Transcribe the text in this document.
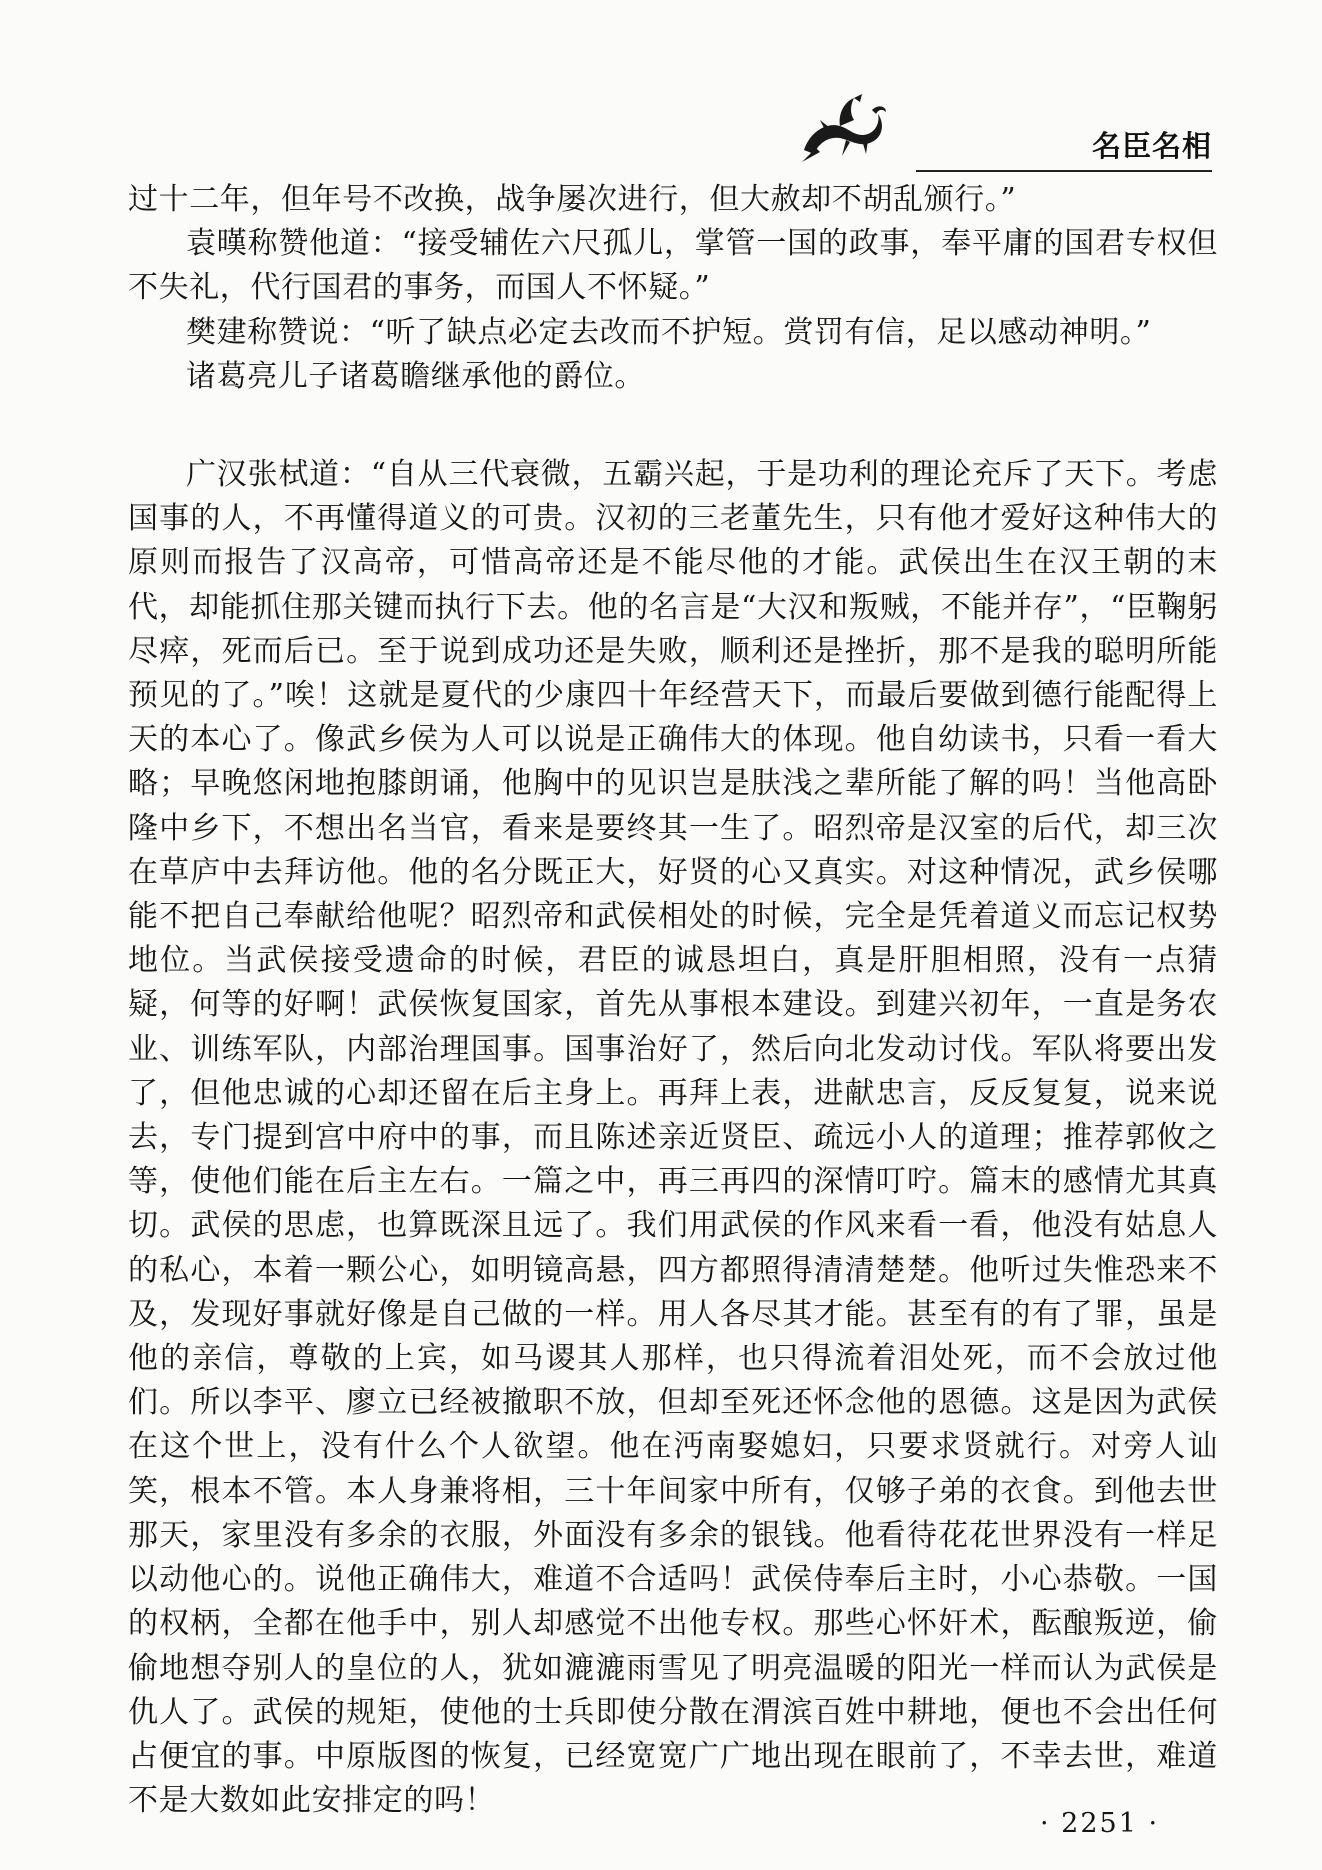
名臣名相

过十二年，但年号不改换，战争屡次进行，但大赦却不胡乱颁行。”

袁暵称赞他道：“接受辅佐六尺孤儿，掌管一国的政事，奉平庸的国君专权但不失礼，代行国君的事务，而国人不怀疑。”

樊建称赞说：“听了缺点必定去改而不护短。赏罚有信，足以感动神明。”

诸葛亮儿子诸葛瞻继承他的爵位。

广汉张栻道：“自从三代衰微，五霸兴起，于是功利的理论充斥了天下。考虑国事的人，不再懂得道义的可贵。汉初的三老董先生，只有他才爱好这种伟大的原则而报告了汉高帝，可惜高帝还是不能尽他的才能。武侯出生在汉王朝的末代，却能抓住那关键而执行下去。他的名言是“大汉和叛贼，不能并存”，“臣鞠躬尽瘁，死而后已。至于说到成功还是失败，顺利还是挫折，那不是我的聪明所能预见的了。”唉！这就是夏代的少康四十年经营天下，而最后要做到德行能配得上天的本心了。像武乡侯为人可以说是正确伟大的体现。他自幼读书，只看一看大略；早晚悠闲地抱膝朗诵，他胸中的见识岂是肤浅之辈所能了解的吗！当他高卧隆中乡下，不想出名当官，看来是要终其一生了。昭烈帝是汉室的后代，却三次在草庐中去拜访他。他的名分既正大，好贤的心又真实。对这种情况，武乡侯哪能不把自己奉献给他呢？昭烈帝和武侯相处的时候，完全是凭着道义而忘记权势地位。当武侯接受遗命的时候，君臣的诚恳坦白，真是肝胆相照，没有一点猜疑，何等的好啊！武侯恢复国家，首先从事根本建设。到建兴初年，一直是务农业、训练军队，内部治理国事。国事治好了，然后向北发动讨伐。军队将要出发了，但他忠诚的心却还留在后主身上。再拜上表，进献忠言，反反复复，说来说去，专门提到宫中府中的事，而且陈述亲近贤臣、疏远小人的道理；推荐郭攸之等，使他们能在后主左右。一篇之中，再三再四的深情叮咛。篇末的感情尤其真切。武侯的思虑，也算既深且远了。我们用武侯的作风来看一看，他没有姑息人的私心，本着一颗公心，如明镜高悬，四方都照得清清楚楚。他听过失惟恐来不及，发现好事就好像是自己做的一样。用人各尽其才能。甚至有的有了罪，虽是他的亲信，尊敬的上宾，如马谡其人那样，也只得流着泪处死，而不会放过他们。所以李平、廖立已经被撤职不放，但却至死还怀念他的恩德。这是因为武侯在这个世上，没有什么个人欲望。他在沔南娶媳妇，只要求贤就行。对旁人讪笑，根本不管。本人身兼将相，三十年间家中所有，仅够子弟的衣食。到他去世那天，家里没有多余的衣服，外面没有多余的银钱。他看待花花世界没有一样足以动他心的。说他正确伟大，难道不合适吗！武侯侍奉后主时，小心恭敬。一国的权柄，全都在他手中，别人却感觉不出他专权。那些心怀奸术，酝酿叛逆，偷偷地想夺别人的皇位的人，犹如漉漉雨雪见了明亮温暖的阳光一样而认为武侯是仇人了。武侯的规矩，使他的士兵即使分散在渭滨百姓中耕地，便也不会出任何占便宜的事。中原版图的恢复，已经宽宽广广地出现在眼前了，不幸去世，难道不是大数如此安排定的吗！

· 2251 ·
